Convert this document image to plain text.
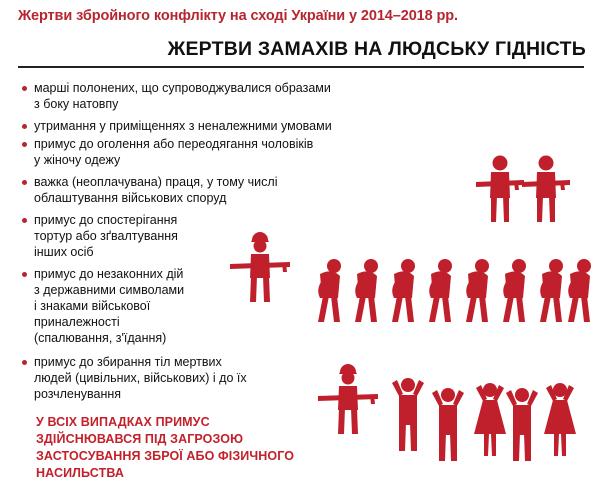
Жертви збройного конфлікту на сході України у 2014–2018 рр.
ЖЕРТВИ ЗАМАХІВ НА ЛЮДСЬКУ ГІДНІСТЬ
марші полонених, що супроводжувалися образами
з боку натовпу
утримання у приміщеннях з неналежними умовами
примус до оголення або переодягання чоловіків
у жіночу одежу
важка (неоплачувана) праця, у тому числі
облаштування військових споруд
примус до спостерігання
тортур або зґвалтування
інших осіб
примус до незаконних дій
з державними символами
і знаками військової
приналежності
(спалювання, з'їдання)
примус до збирання тіл мертвих
людей (цивільних, військових) і до їх
розчленування
У ВСІХ ВИПАДКАХ ПРИМУС
ЗДІЙСНЮВАВСЯ ПІД ЗАГРОЗОЮ
ЗАСТОСУВАННЯ ЗБРОЇ АБО ФІЗИЧНОГО
НАСИЛЬСТВА
